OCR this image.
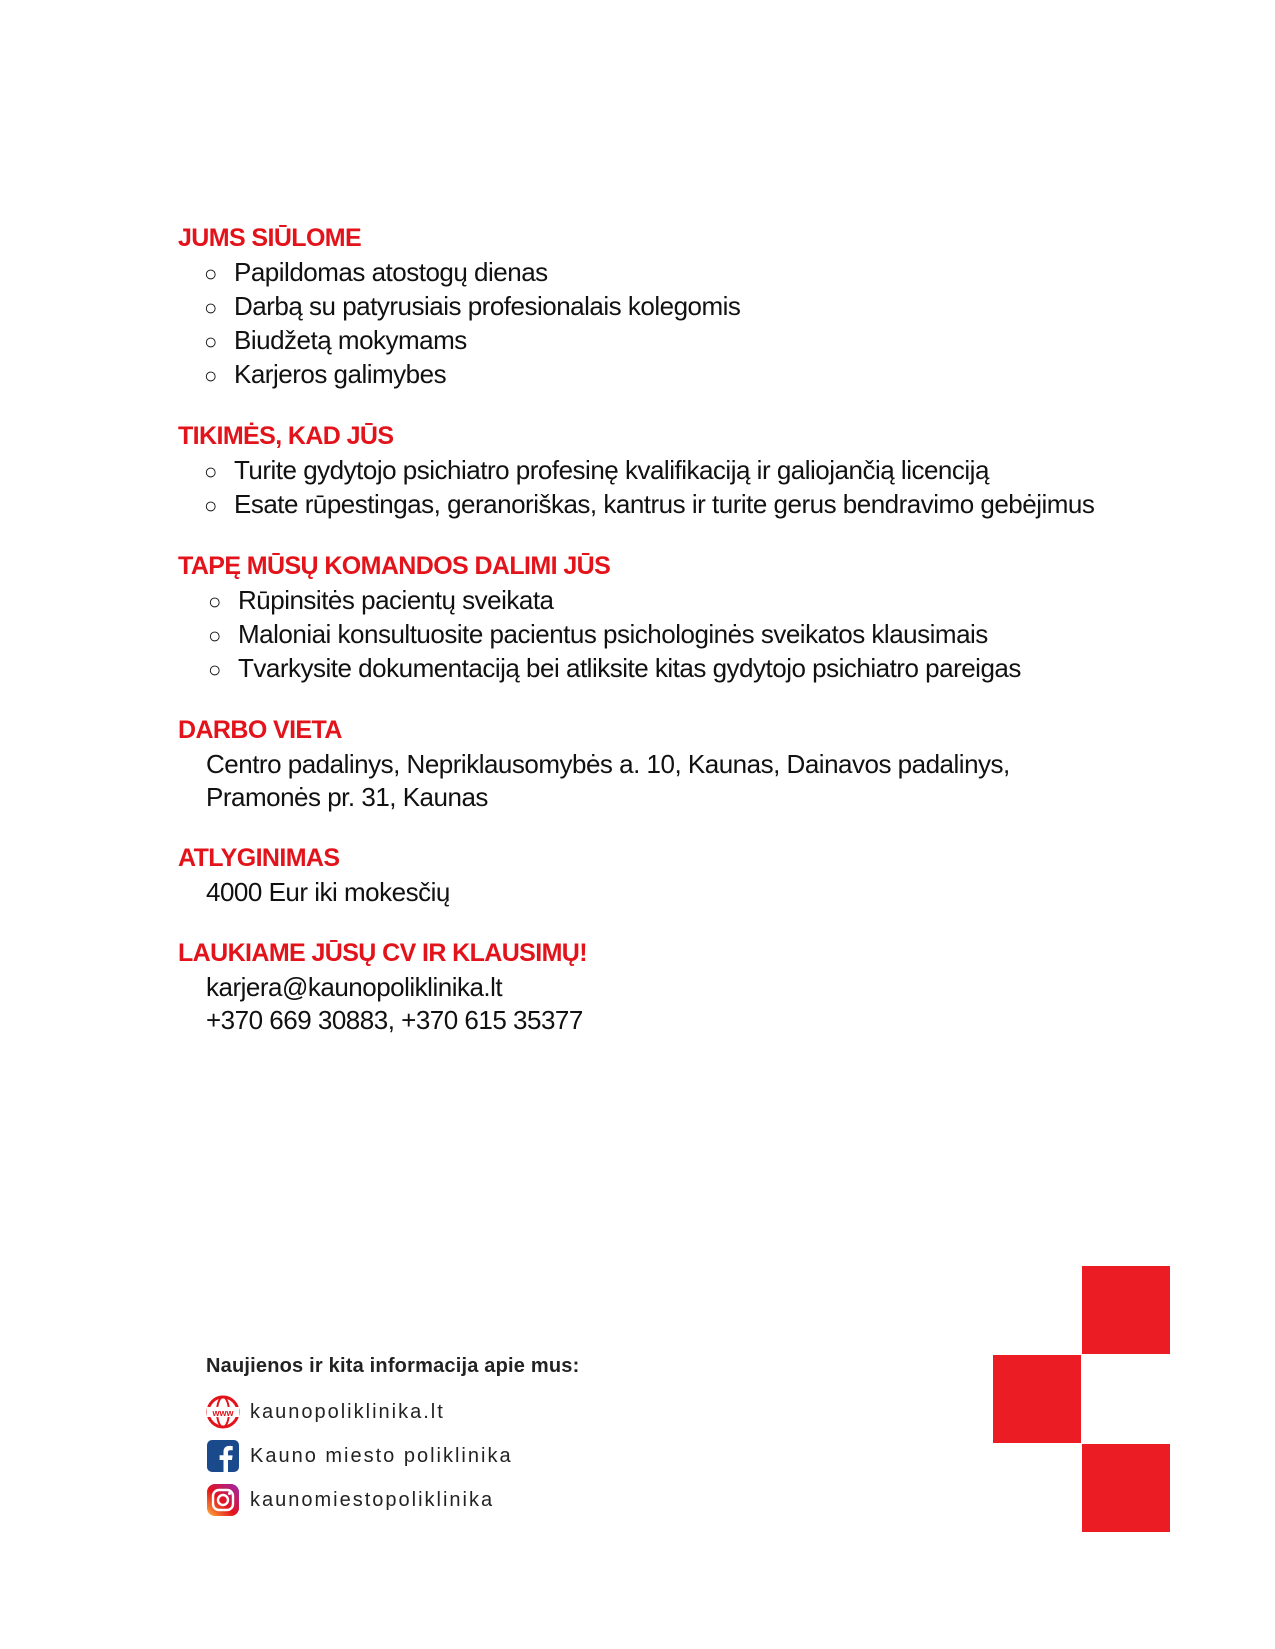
JUMS SIŪLOME
○ Papildomas atostogų dienas
○ Darbą su patyrusiais profesionalais kolegomis
○ Biudžetą mokymams
○ Karjeros galimybes
TIKIMĖS, KAD JŪS
○ Turite gydytojo psichiatro profesinę kvalifikaciją ir galiojančią licenciją
○ Esate rūpestingas, geranoriškas, kantrus ir turite gerus bendravimo gebėjimus
TAPĘ MŪSŲ KOMANDOS DALIMI JŪS
○ Rūpinsitės pacientų sveikata
○ Maloniai konsultuosite pacientus psichologinės sveikatos klausimais
○ Tvarkysite dokumentaciją bei atliksite kitas gydytojo psichiatro pareigas
DARBO VIETA
Centro padalinys, Nepriklausomybės a. 10, Kaunas, Dainavos padalinys, Pramonės pr. 31, Kaunas
ATLYGINIMAS
4000 Eur iki mokesčių
LAUKIAME JŪSŲ CV IR KLAUSIMŲ!
karjera@kaunopoliklinika.lt
+370 669 30883, +370 615 35377
Naujienos ir kita informacija apie mus:
www kaunopoliklinika.lt
Kauno miesto poliklinika
kaunomiestopoliklinika
